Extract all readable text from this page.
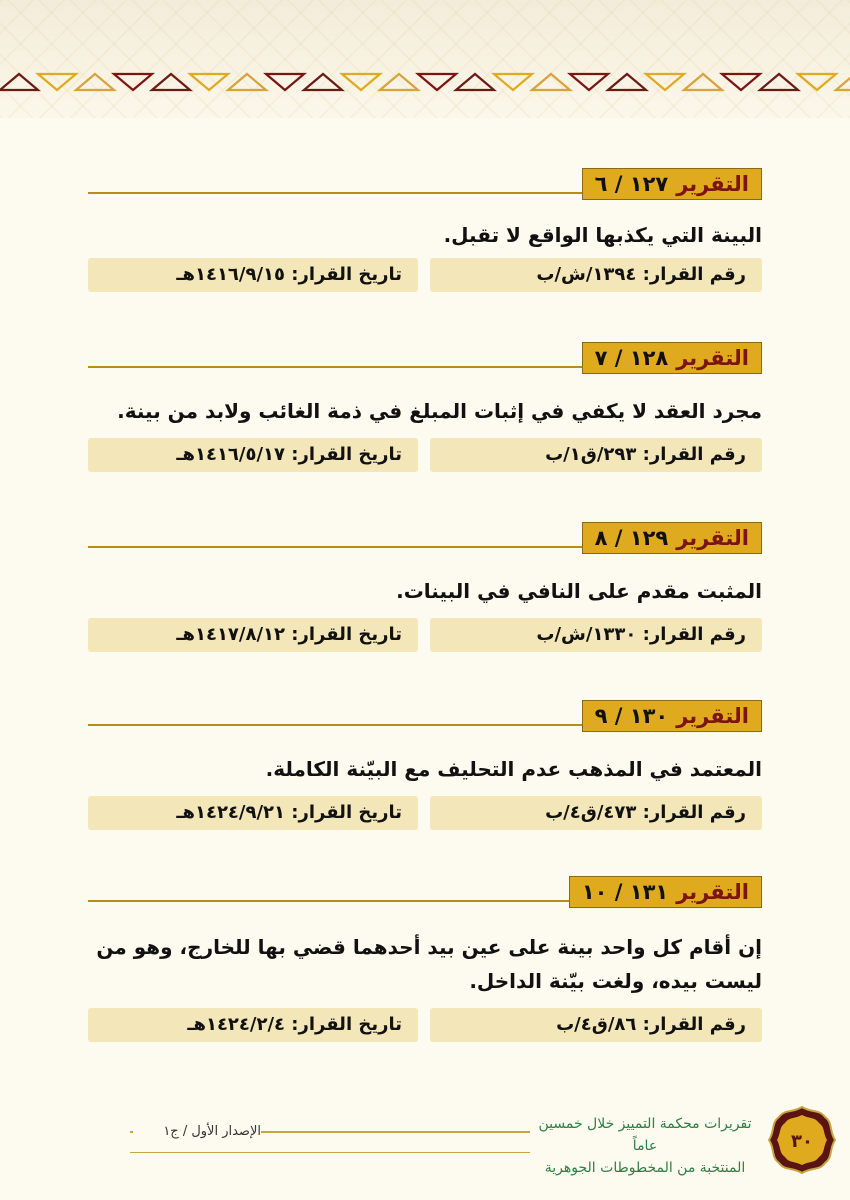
التقرير
١٢٧ / ٦
البينة التي يكذبها الواقع لا تقبل.
رقم القرار: ١٣٩٤/ش/ب
تاريخ القرار: ١٤١٦/٩/١٥هـ
التقرير
١٢٨ / ٧
مجرد العقد لا يكفي في إثبات المبلغ في ذمة الغائب ولابد من بينة.
رقم القرار: ٢٩٣/ق١/ب
تاريخ القرار: ١٤١٦/٥/١٧هـ
التقرير
١٢٩ / ٨
المثبت مقدم على النافي في البينات.
رقم القرار: ١٣٣٠/ش/ب
تاريخ القرار: ١٤١٧/٨/١٢هـ
التقرير
١٣٠ / ٩
المعتمد في المذهب عدم التحليف مع البيّنة الكاملة.
رقم القرار: ٤٧٣/ق٤/ب
تاريخ القرار: ١٤٢٤/٩/٢١هـ
التقرير
١٣١ / ١٠
إن أقام كل واحد بينة على عين بيد أحدهما قضي بها للخارج، وهو من ليست بيده، ولغت بيّنة الداخل.
رقم القرار: ٨٦/ق٤/ب
تاريخ القرار: ١٤٢٤/٢/٤هـ
الإصدار الأول / ج١	تقريرات محكمة التمييز خلال خمسين عاماً
المنتخبة من المخطوطات الجوهرية
٣٠
